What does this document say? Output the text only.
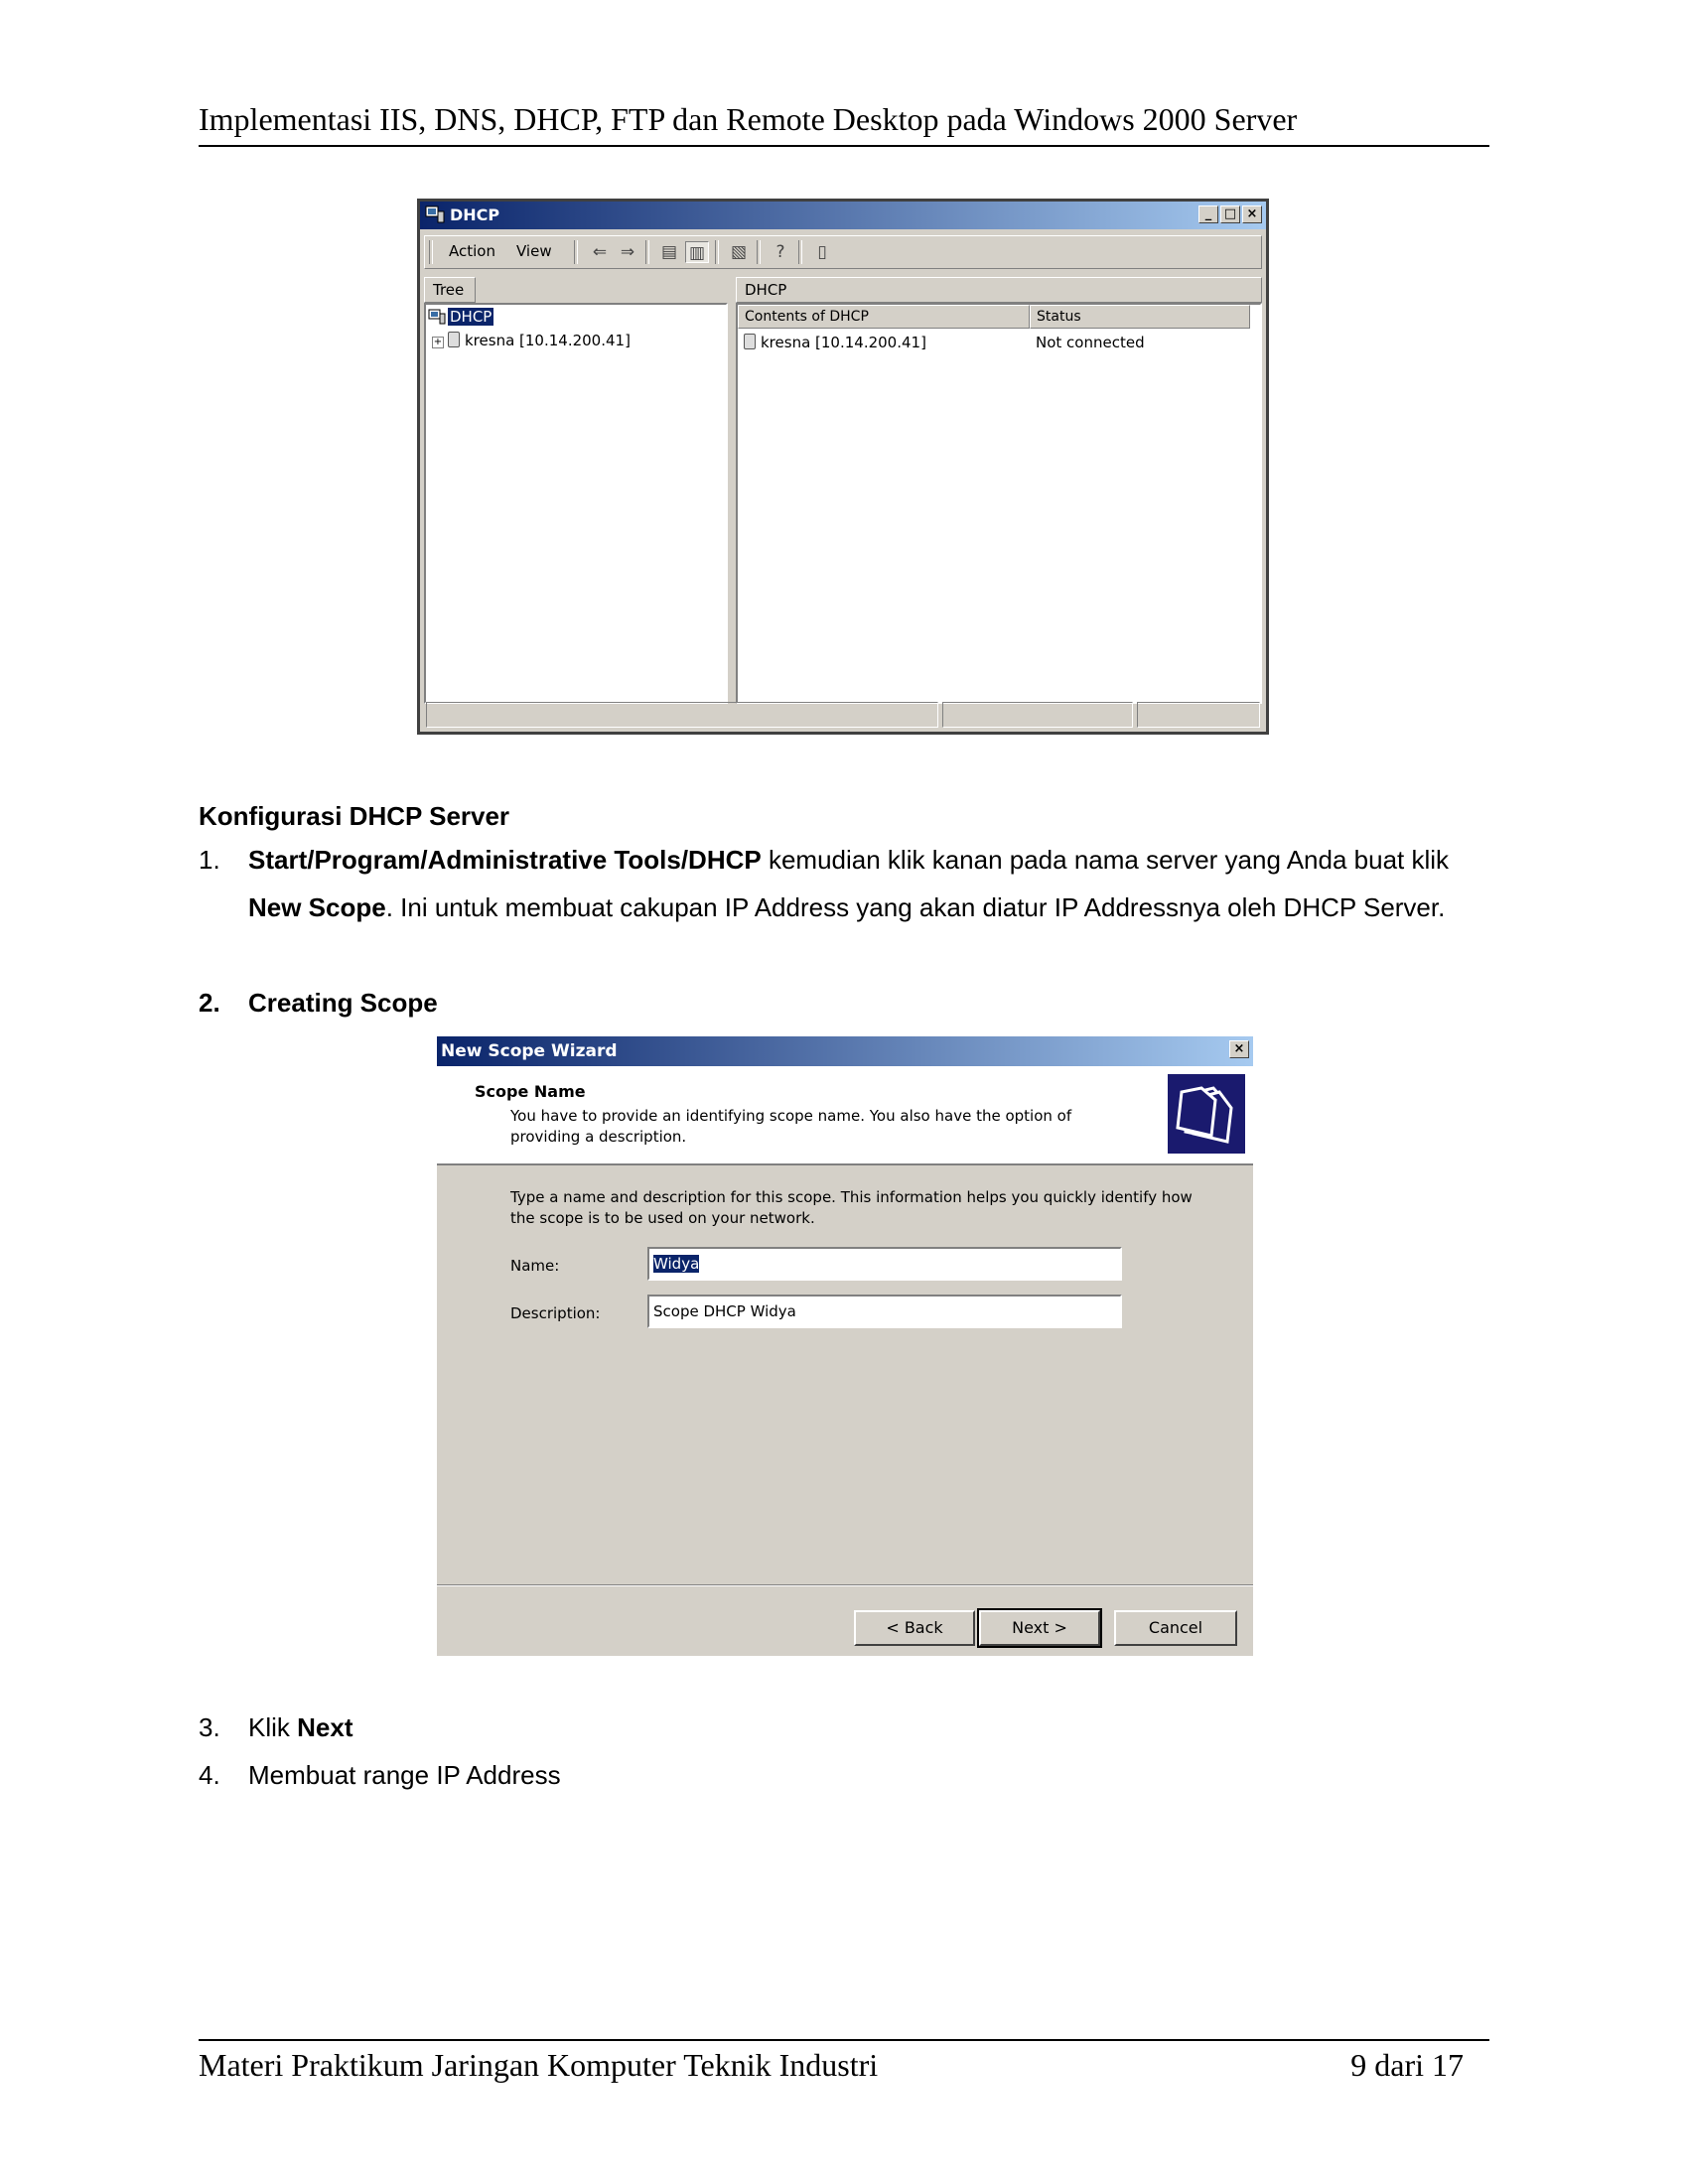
Implementasi IIS, DNS, DHCP, FTP dan Remote Desktop pada Windows 2000 Server
DHCP	_ □ ×
Action View ⇐ ⇒ ▤ ▥ ▧	?	▯
Tree	DHCP
DHCP
+ kresna [10.14.200.41]
Contents of DHCP	Status
kresna [10.14.200.41]	Not connected
Konfigurasi DHCP Server
1.	Start/Program/Administrative Tools/DHCP kemudian klik kanan pada nama server yang Anda buat klik New Scope. Ini untuk membuat cakupan IP Address yang akan diatur IP Addressnya oleh DHCP Server.
2.	Creating Scope
New Scope Wizard	×
Scope Name
You have to provide an identifying scope name. You also have the option of providing a description.
Type a name and description for this scope. This information helps you quickly identify how the scope is to be used on your network.
Name:	Widya
Description:	Scope DHCP Widya
< Back	Next >	Cancel
3.	Klik Next
4.	Membuat range IP Address
Materi Praktikum Jaringan Komputer Teknik Industri	9 dari 17
